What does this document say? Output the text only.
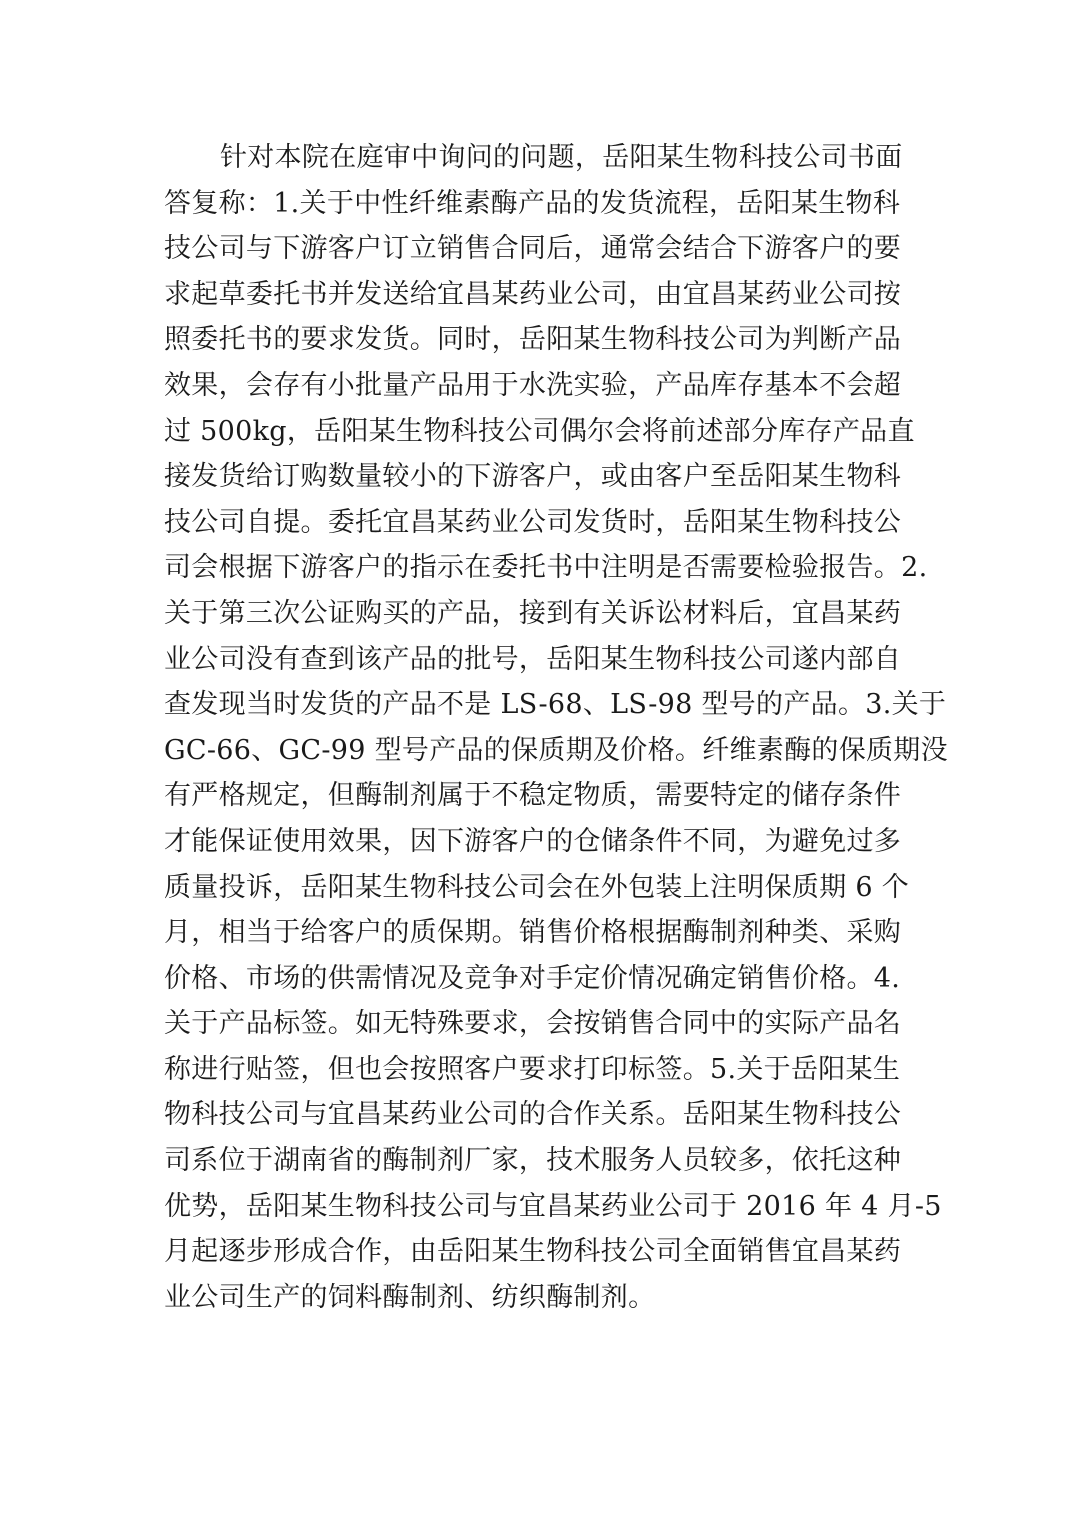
针对本院在庭审中询问的问题，岳阳某生物科技公司书面
答复称：1.关于中性纤维素酶产品的发货流程，岳阳某生物科
技公司与下游客户订立销售合同后，通常会结合下游客户的要
求起草委托书并发送给宜昌某药业公司，由宜昌某药业公司按
照委托书的要求发货。同时，岳阳某生物科技公司为判断产品
效果，会存有小批量产品用于水洗实验，产品库存基本不会超
过 500kg，岳阳某生物科技公司偶尔会将前述部分库存产品直
接发货给订购数量较小的下游客户，或由客户至岳阳某生物科
技公司自提。委托宜昌某药业公司发货时，岳阳某生物科技公
司会根据下游客户的指示在委托书中注明是否需要检验报告。2.
关于第三次公证购买的产品，接到有关诉讼材料后，宜昌某药
业公司没有查到该产品的批号，岳阳某生物科技公司遂内部自
查发现当时发货的产品不是 LS-68、LS-98 型号的产品。3.关于
GC-66、GC-99 型号产品的保质期及价格。纤维素酶的保质期没
有严格规定，但酶制剂属于不稳定物质，需要特定的储存条件
才能保证使用效果，因下游客户的仓储条件不同，为避免过多
质量投诉，岳阳某生物科技公司会在外包装上注明保质期 6 个
月，相当于给客户的质保期。销售价格根据酶制剂种类、采购
价格、市场的供需情况及竞争对手定价情况确定销售价格。4.
关于产品标签。如无特殊要求，会按销售合同中的实际产品名
称进行贴签，但也会按照客户要求打印标签。5.关于岳阳某生
物科技公司与宜昌某药业公司的合作关系。岳阳某生物科技公
司系位于湖南省的酶制剂厂家，技术服务人员较多，依托这种
优势，岳阳某生物科技公司与宜昌某药业公司于 2016 年 4 月-5
月起逐步形成合作，由岳阳某生物科技公司全面销售宜昌某药
业公司生产的饲料酶制剂、纺织酶制剂。
